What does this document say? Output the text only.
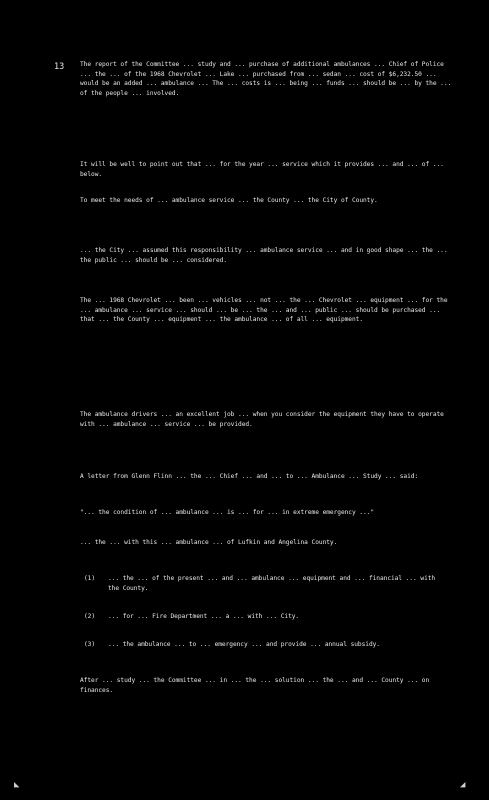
13	The report of the Committee ... study and ... purchase of additional ambulances ... Chief of Police ... the ... of the 1968 Chevrolet ... Lake ... purchased from ... sedan ... cost of $6,232.50 ... would be an added ... ambulance ... The ... costs is ... being ... funds ... should be ... by the ... of the people ... involved.
It will be well to point out that ... for the year ... service which it provides ... and ... of ... below.
To meet the needs of ... ambulance service ... the County ... the City of County.
... the City ... assumed this responsibility ... ambulance service ... and in good shape ... the ... the public ... should be ... considered.
The ... 1968 Chevrolet ... been ... vehicles ... not ... the ... Chevrolet ... equipment ... for the ... ambulance ... service ... should ... be ... the ... and ... public ... should be purchased ... that ... the County ... equipment ... the ambulance ... of all ... equipment.
The ambulance drivers ... an excellent job ... when you consider the equipment they have to operate with ... ambulance ... service ... be provided.
A letter from Glenn Flinn ... the ... Chief ... and ... to ... Ambulance ... Study ... said:
"... the condition of ... ambulance ... is ... for ... in extreme emergency ..."
... the ... with this ... ambulance ... of Lufkin and Angelina County.
(1) ... the ... of the present ... and ... ambulance ... equipment and ... financial ... with the County.
(2) ... for ... Fire Department ... a ... with ... City.
(3) ... the ambulance ... to ... emergency ... and provide ... annual subsidy.
After ... study ... the Committee ... in ... the ... solution ... the ... and ... County ... on finances.
◣	◢
